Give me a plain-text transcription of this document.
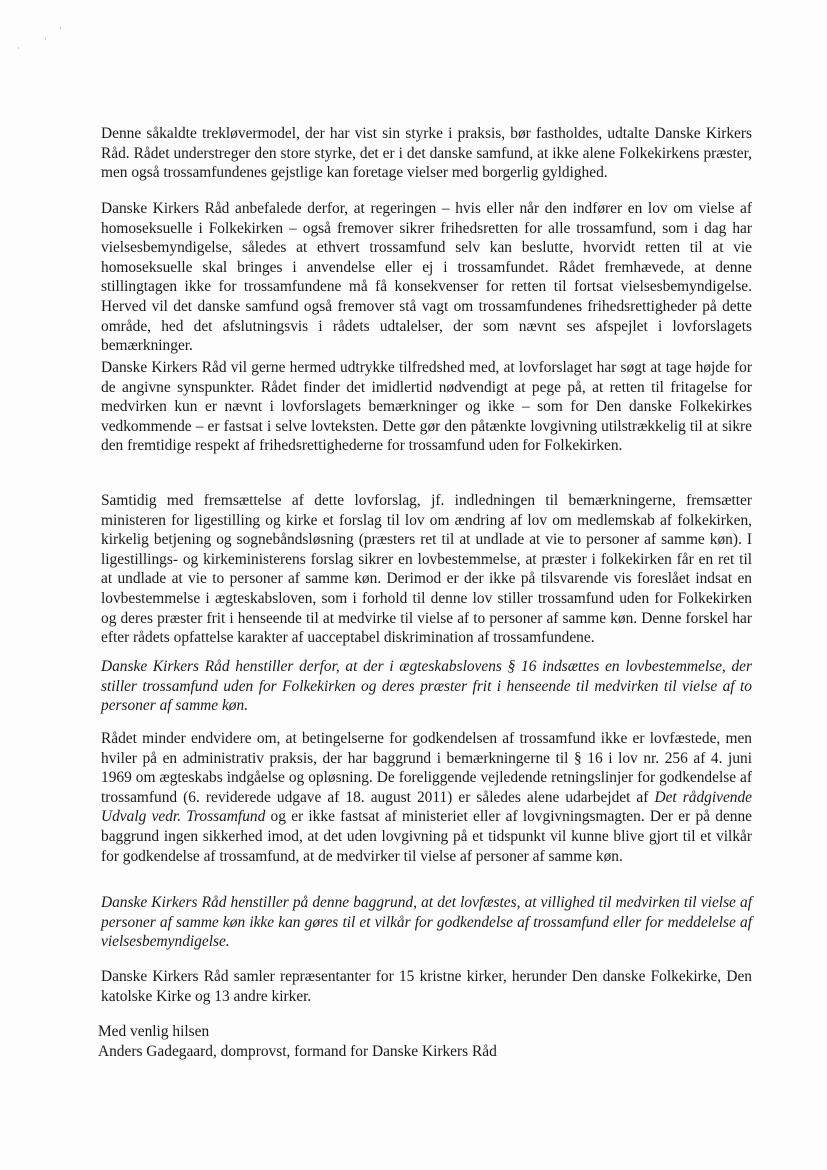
·
'
·

Denne såkaldte trekløvermodel, der har vist sin styrke i praksis, bør fastholdes, udtalte Danske Kirkers Råd. Rådet understreger den store styrke, det er i det danske samfund, at ikke alene Folkekirkens præster, men også trossamfundenes gejstlige kan foretage vielser med borgerlig gyldighed.

Danske Kirkers Råd anbefalede derfor, at regeringen – hvis eller når den indfører en lov om vielse af homoseksuelle i Folkekirken – også fremover sikrer frihedsretten for alle trossamfund, som i dag har vielsesbemyndigelse, således at ethvert trossamfund selv kan beslutte, hvorvidt retten til at vie homoseksuelle skal bringes i anvendelse eller ej i trossamfundet. Rådet fremhævede, at denne stillingtagen ikke for trossamfundene må få konsekvenser for retten til fortsat vielsesbemyndigelse. Herved vil det danske samfund også fremover stå vagt om trossamfundenes frihedsrettigheder på dette område, hed det afslutningsvis i rådets udtalelser, der som nævnt ses afspejlet i lovforslagets bemærkninger.

Danske Kirkers Råd vil gerne hermed udtrykke tilfredshed med, at lovforslaget har søgt at tage højde for de angivne synspunkter. Rådet finder det imidlertid nødvendigt at pege på, at retten til fritagelse for medvirken kun er nævnt i lovforslagets bemærkninger og ikke – som for Den danske Folkekirkes vedkommende – er fastsat i selve lovteksten. Dette gør den påtænkte lovgivning utilstrækkelig til at sikre den fremtidige respekt af frihedsrettighederne for trossamfund uden for Folkekirken.

Samtidig med fremsættelse af dette lovforslag, jf. indledningen til bemærkningerne, fremsætter ministeren for ligestilling og kirke et forslag til lov om ændring af lov om medlemskab af folkekirken, kirkelig betjening og sognebåndsløsning (præsters ret til at undlade at vie to personer af samme køn). I ligestillings- og kirkeministerens forslag sikrer en lovbestemmelse, at præster i folkekirken får en ret til at undlade at vie to personer af samme køn. Derimod er der ikke på tilsvarende vis foreslået indsat en lovbestemmelse i ægteskabsloven, som i forhold til denne lov stiller trossamfund uden for Folkekirken og deres præster frit i henseende til at medvirke til vielse af to personer af samme køn. Denne forskel har efter rådets opfattelse karakter af uacceptabel diskrimination af trossamfundene.

Danske Kirkers Råd henstiller derfor, at der i ægteskabslovens § 16 indsættes en lovbestemmelse, der stiller trossamfund uden for Folkekirken og deres præster frit i henseende til medvirken til vielse af to personer af samme køn.

Rådet minder endvidere om, at betingelserne for godkendelsen af trossamfund ikke er lovfæstede, men hviler på en administrativ praksis, der har baggrund i bemærkningerne til § 16 i lov nr. 256 af 4. juni 1969 om ægteskabs indgåelse og opløsning. De foreliggende vejledende retningslinjer for godkendelse af trossamfund (6. reviderede udgave af 18. august 2011) er således alene udarbejdet af Det rådgivende Udvalg vedr. Trossamfund og er ikke fastsat af ministeriet eller af lovgivningsmagten. Der er på denne baggrund ingen sikkerhed imod, at det uden lovgivning på et tidspunkt vil kunne blive gjort til et vilkår for godkendelse af trossamfund, at de medvirker til vielse af personer af samme køn.

Danske Kirkers Råd henstiller på denne baggrund, at det lovfæstes, at villighed til medvirken til vielse af personer af samme køn ikke kan gøres til et vilkår for godkendelse af trossamfund eller for meddelelse af vielsesbemyndigelse.

Danske Kirkers Råd samler repræsentanter for 15 kristne kirker, herunder Den danske Folkekirke, Den katolske Kirke og 13 andre kirker.

Med venlig hilsen

Anders Gadegaard, domprovst, formand for Danske Kirkers Råd
